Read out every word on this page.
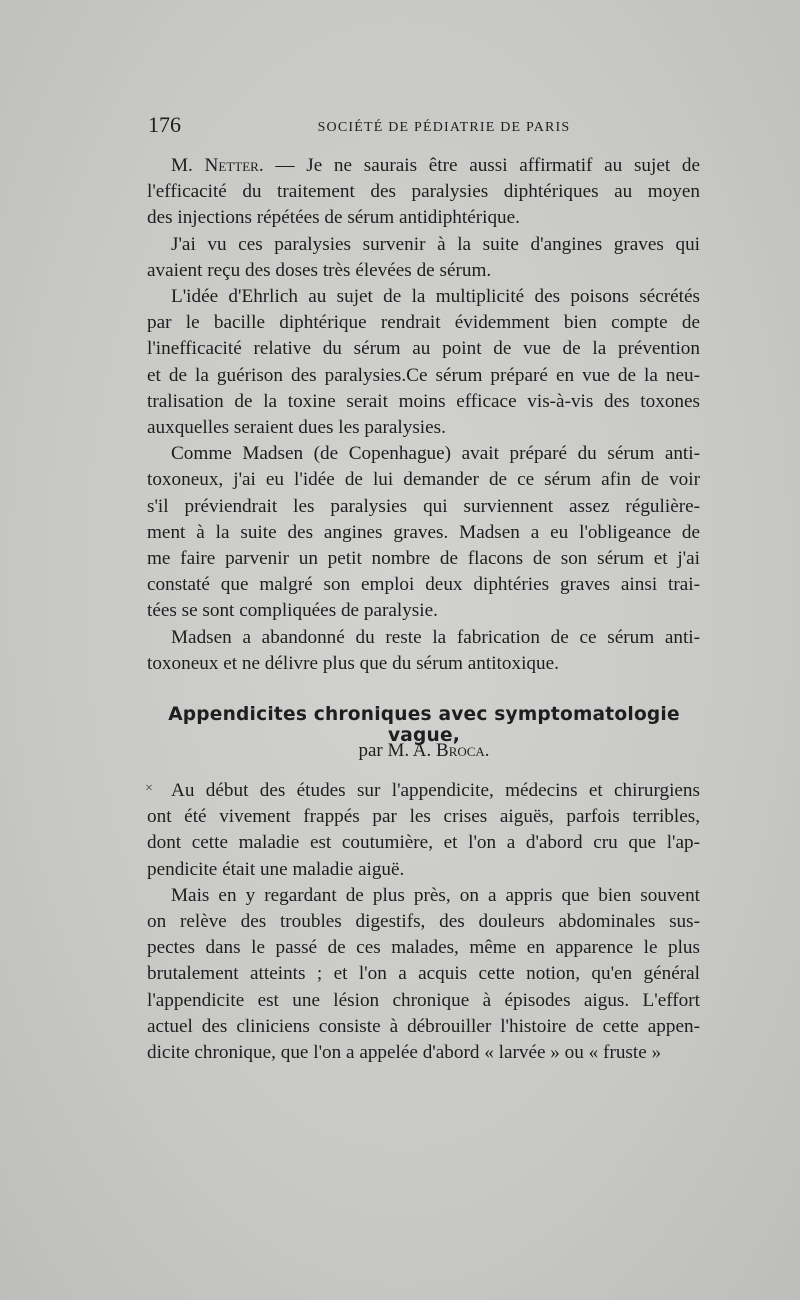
176	SOCIÉTÉ DE PÉDIATRIE DE PARIS
M. Netter. — Je ne saurais être aussi affirmatif au sujet de
l'efficacité du traitement des paralysies diphtériques au moyen
des injections répétées de sérum antidiphtérique.
J'ai vu ces paralysies survenir à la suite d'angines graves qui
avaient reçu des doses très élevées de sérum.
L'idée d'Ehrlich au sujet de la multiplicité des poisons sécrétés
par le bacille diphtérique rendrait évidemment bien compte de
l'inefficacité relative du sérum au point de vue de la prévention
et de la guérison des paralysies.Ce sérum préparé en vue de la neu-
tralisation de la toxine serait moins efficace vis-à-vis des toxones
auxquelles seraient dues les paralysies.
Comme Madsen (de Copenhague) avait préparé du sérum anti-
toxoneux, j'ai eu l'idée de lui demander de ce sérum afin de voir
s'il préviendrait les paralysies qui surviennent assez régulière-
ment à la suite des angines graves. Madsen a eu l'obligeance de
me faire parvenir un petit nombre de flacons de son sérum et j'ai
constaté que malgré son emploi deux diphtéries graves ainsi trai-
tées se sont compliquées de paralysie.
Madsen a abandonné du reste la fabrication de ce sérum anti-
toxoneux et ne délivre plus que du sérum antitoxique.
Appendicites chroniques avec symptomatologie vague,
par M. A. Broca.
Au début des études sur l'appendicite, médecins et chirurgiens
ont été vivement frappés par les crises aiguës, parfois terribles,
dont cette maladie est coutumière, et l'on a d'abord cru que l'ap-
pendicite était une maladie aiguë.
Mais en y regardant de plus près, on a appris que bien souvent
on relève des troubles digestifs, des douleurs abdominales sus-
pectes dans le passé de ces malades, même en apparence le plus
brutalement atteints ; et l'on a acquis cette notion, qu'en général
l'appendicite est une lésion chronique à épisodes aigus. L'effort
actuel des cliniciens consiste à débrouiller l'histoire de cette appen-
dicite chronique, que l'on a appelée d'abord « larvée » ou « fruste »
×
